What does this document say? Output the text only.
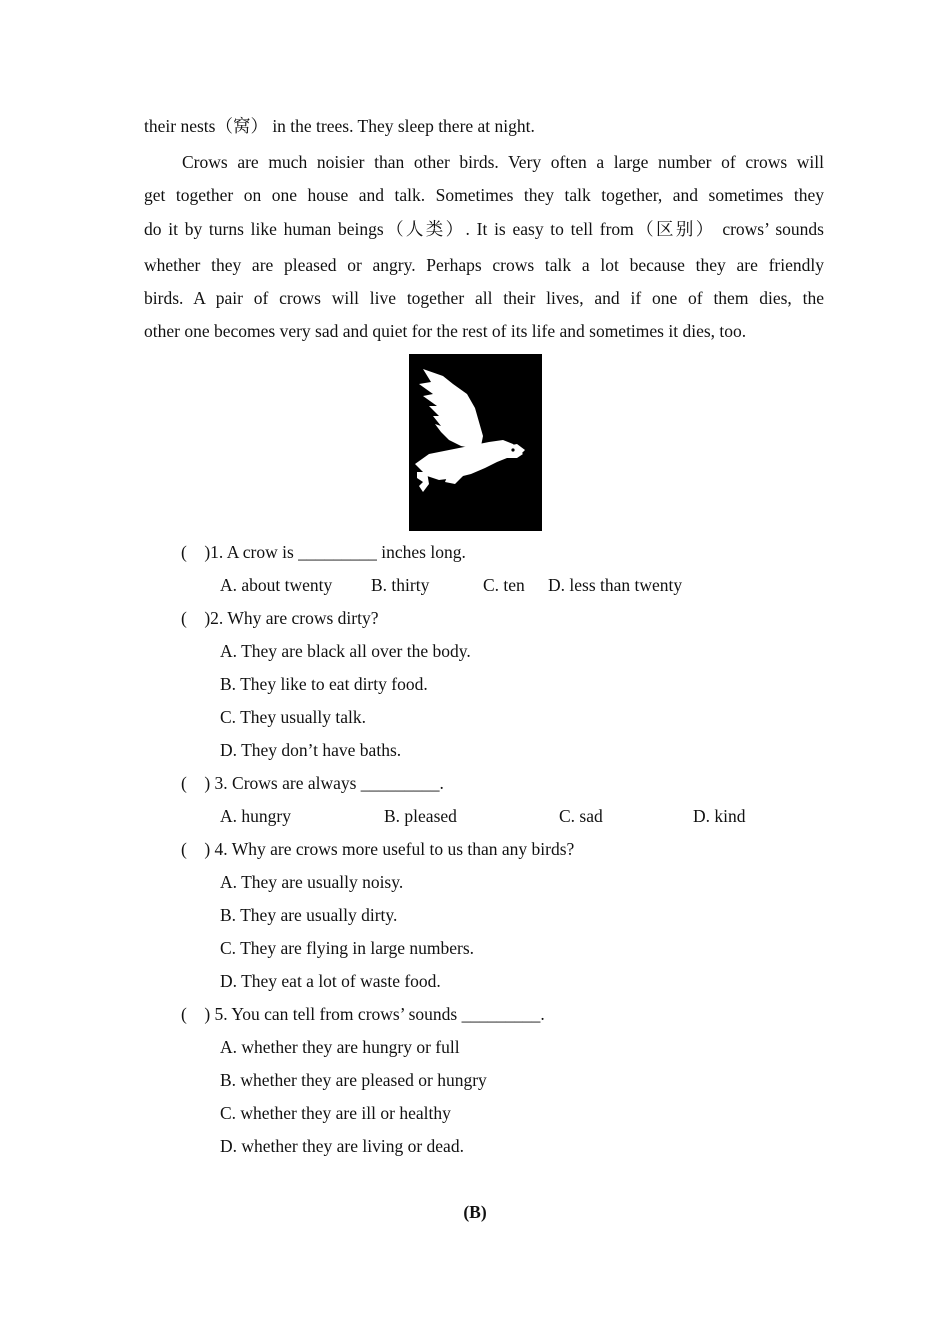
their nests（窝） in the trees. They sleep there at night.
Crows are much noisier than other birds. Very often a large number of crows will
get together on one house and talk. Sometimes they talk together, and sometimes they
do it by turns like human beings（人类）. It is easy to tell from（区别） crows’ sounds
whether they are pleased or angry. Perhaps crows talk a lot because they are friendly
birds. A pair of crows will live together all their lives, and if one of them dies, the
other one becomes very sad and quiet for the rest of its life and sometimes it dies, too.
(    )1. A crow is _________ inches long.
A. about twenty B. thirty	C. ten D. less than twenty
(    )2. Why are crows dirty?
A. They are black all over the body.
B. They like to eat dirty food.
C. They usually talk.
D. They don’t have baths.
(    ) 3. Crows are always _________.
A. hungry	B. pleased	C. sad	D. kind
(    ) 4. Why are crows more useful to us than any birds?
A. They are usually noisy.
B. They are usually dirty.
C. They are flying in large numbers.
D. They eat a lot of waste food.
(    ) 5. You can tell from crows’ sounds _________.
A. whether they are hungry or full
B. whether they are pleased or hungry
C. whether they are ill or healthy
D. whether they are living or dead.
(B)
